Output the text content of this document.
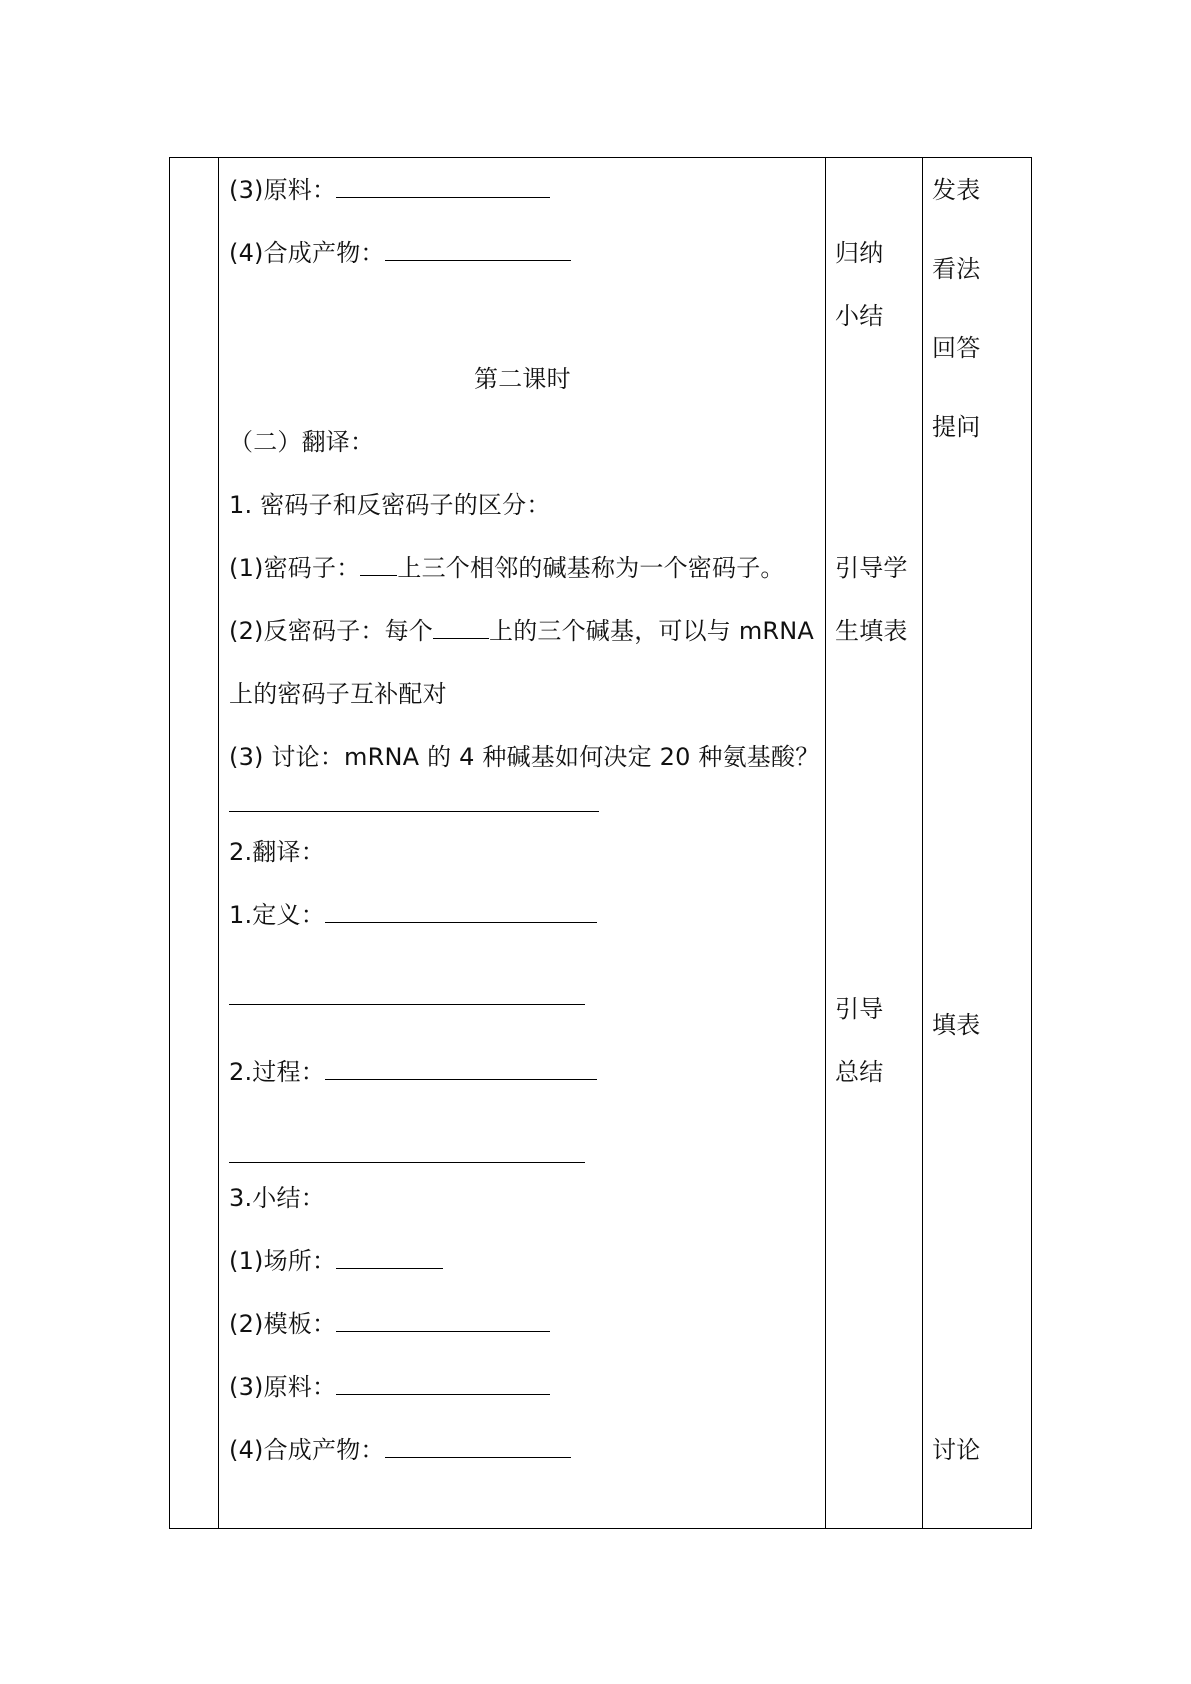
(3)原料：
(4)合成产物：
第二课时
（二）翻译：
1. 密码子和反密码子的区分：
(1)密码子： 上三个相邻的碱基称为一个密码子。
(2)反密码子：每个 上的三个碱基，可以与 mRNA
上的密码子互补配对
(3) 讨论：mRNA 的 4 种碱基如何决定 20 种氨基酸？
2.翻译：
1.定义：
2.过程：
3.小结：
(1)场所：
(2)模板：
(3)原料：
(4)合成产物：
归纳
小结
引导学
生填表
引导
总结
发表
看法
回答
提问
填表
讨论
